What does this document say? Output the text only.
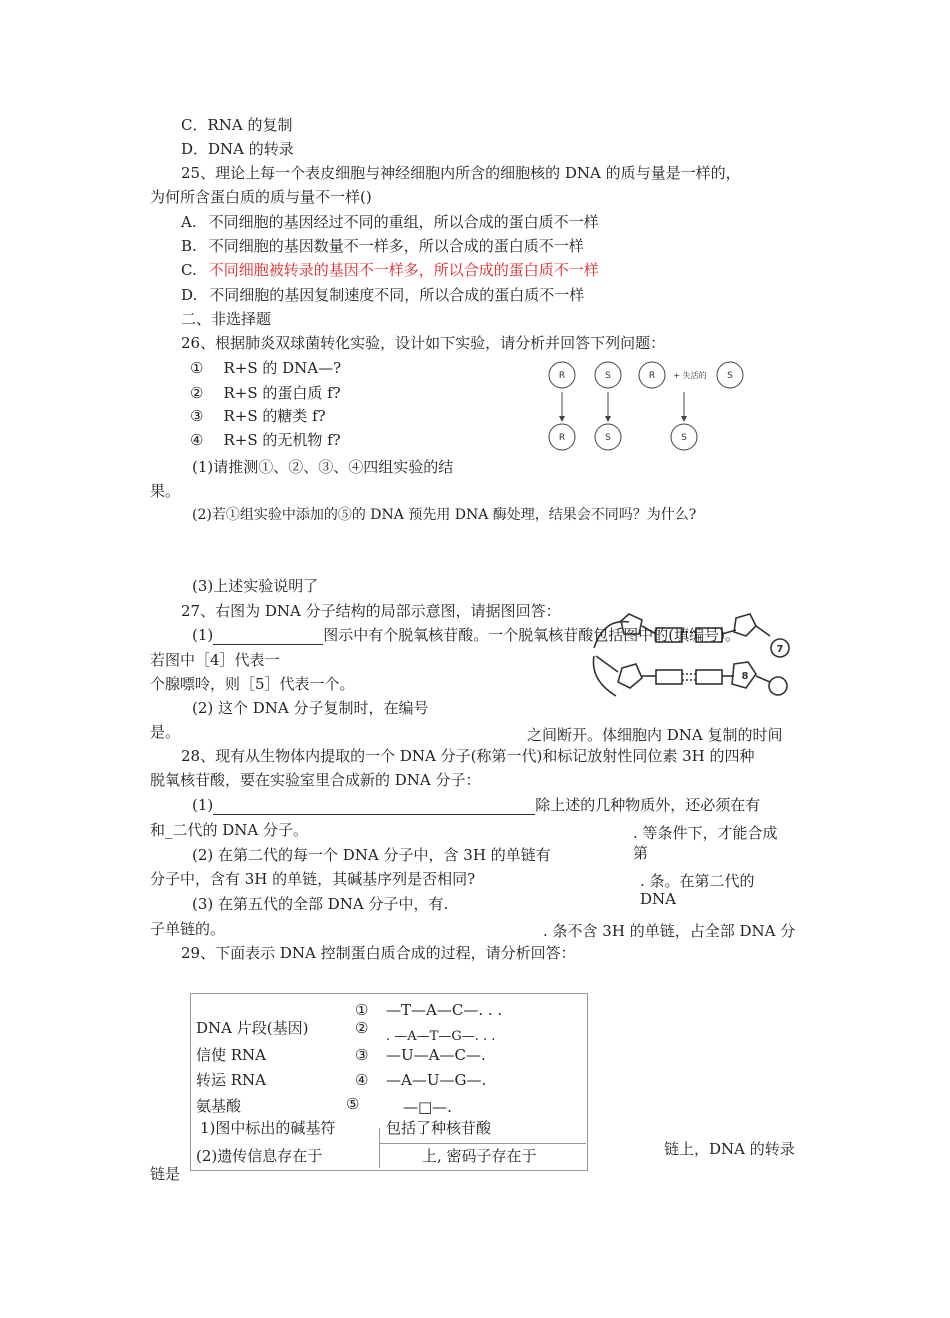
C．RNA 的复制
D．DNA 的转录
25、理论上每一个表皮细胞与神经细胞内所含的细胞核的 DNA 的质与量是一样的，
为何所含蛋白质的质与量不一样()
A. 不同细胞的基因经过不同的重组，所以合成的蛋白质不一样
B. 不同细胞的基因数量不一样多，所以合成的蛋白质不一样
C. 不同细胞被转录的基因不一样多，所以合成的蛋白质不一样
D. 不同细胞的基因复制速度不同，所以合成的蛋白质不一样
二、非选择题
26、根据肺炎双球菌转化实验，设计如下实验，请分析并回答下列问题：
① R+S 的 DNA—?
② R+S 的蛋白质 f?
③ R+S 的糖类 f?
④ R+S 的无机物 f?
R	S	R	S
+ 失活的
R	S	S
(1)请推测①、②、③、④四组实验的结
果。
(2)若①组实验中添加的⑤的 DNA 预先用 DNA 酶处理，结果会不同吗？为什么?
(3)上述实验说明了
27、右图为 DNA 分子结构的局部示意图，请据图回答：
7
8
(1)	图示中有个脱氧核苷酸。一个脱氧核苷酸包括图中的(填编号)。
若图中［4］代表一
个腺嘌呤，则［5］代表一个。
(2) 这个 DNA 分子复制时，在编号
是。	之间断开。体细胞内 DNA 复制的时间
28、现有从生物体内提取的一个 DNA 分子(称第一代)和标记放射性同位素 3H 的四种
脱氧核苷酸，要在实验室里合成新的 DNA 分子：
(1)	除上述的几种物质外，还必须在有
和_二代的 DNA 分子。	. 等条件下，才能合成
第
(2) 在第二代的每一个 DNA 分子中，含 3H 的单链有
分子中，含有 3H 的单链，其碱基序列是否相同?	. 条。在第二代的
DNA
(3) 在第五代的全部 DNA 分子中，有.
子单链的。	. 条不含 3H 的单链，占全部 DNA 分
29、下面表示 DNA 控制蛋白质合成的过程，请分析回答：
① —T—A—C—. . .
DNA 片段(基因)	② . —A—T—G—. . .
信使 RNA	③ —U—A—C—.
转运 RNA	④ —A—U—G—.
氨基酸	⑤	—□—.
1)图中标出的碱基符	包括了种核苷酸
(2)遗传信息存在于	上, 密码子存在于	链上，DNA 的转录
链是
